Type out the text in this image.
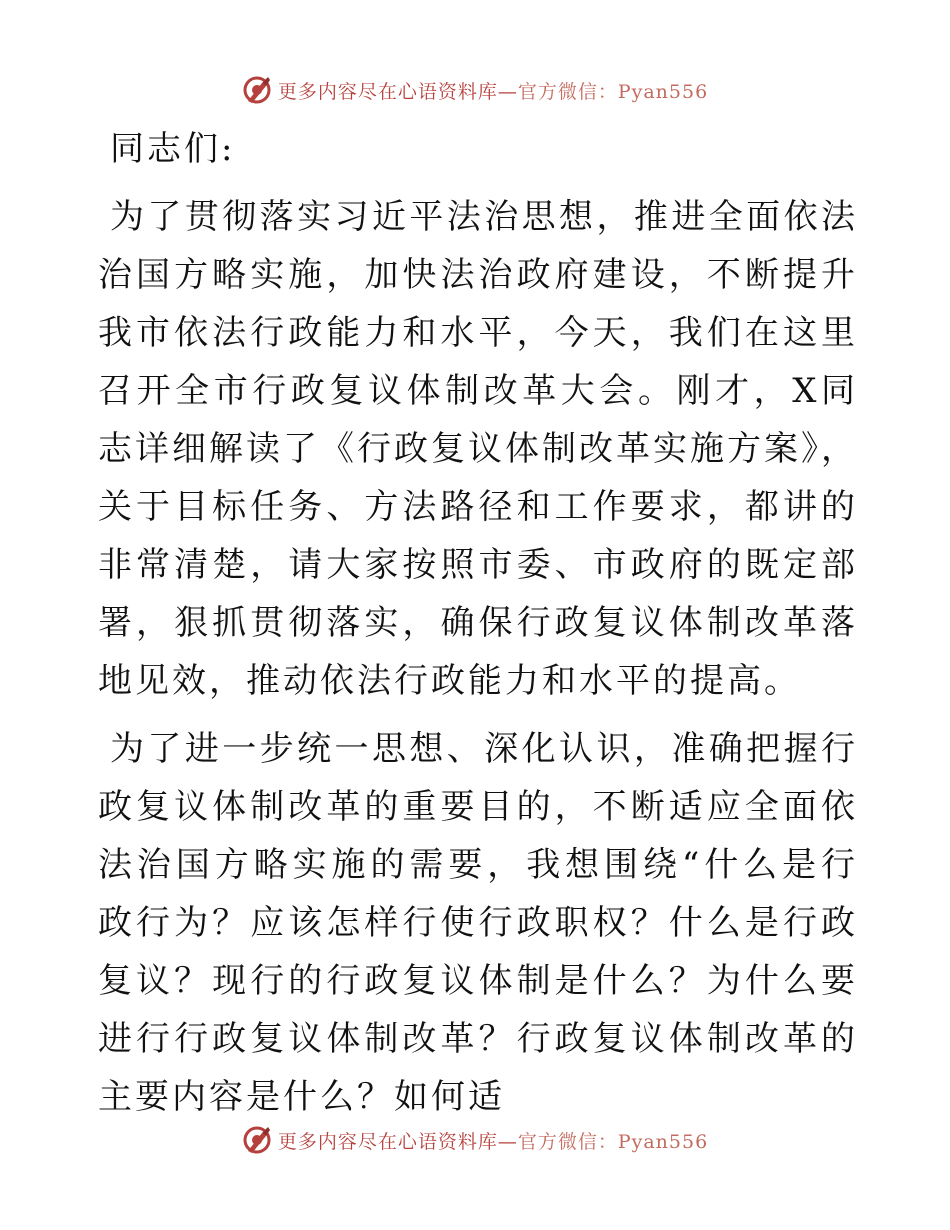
更多内容尽在心语资料库—官方微信：Pyan556

同志们:

为了贯彻落实习近平法治思想，推进全面依法治国方略实施，加快法治政府建设，不断提升我市依法行政能力和水平，今天，我们在这里召开全市行政复议体制改革大会。刚才，X同志详细解读了《行政复议体制改革实施方案》，关于目标任务、方法路径和工作要求，都讲的非常清楚，请大家按照市委、市政府的既定部署，狠抓贯彻落实，确保行政复议体制改革落地见效，推动依法行政能力和水平的提高。

为了进一步统一思想、深化认识，准确把握行政复议体制改革的重要目的，不断适应全面依法治国方略实施的需要，我想围绕“什么是行政行为？应该怎样行使行政职权？什么是行政复议？现行的行政复议体制是什么？为什么要进行行政复议体制改革？行政复议体制改革的主要内容是什么？如何适

更多内容尽在心语资料库—官方微信：Pyan556
